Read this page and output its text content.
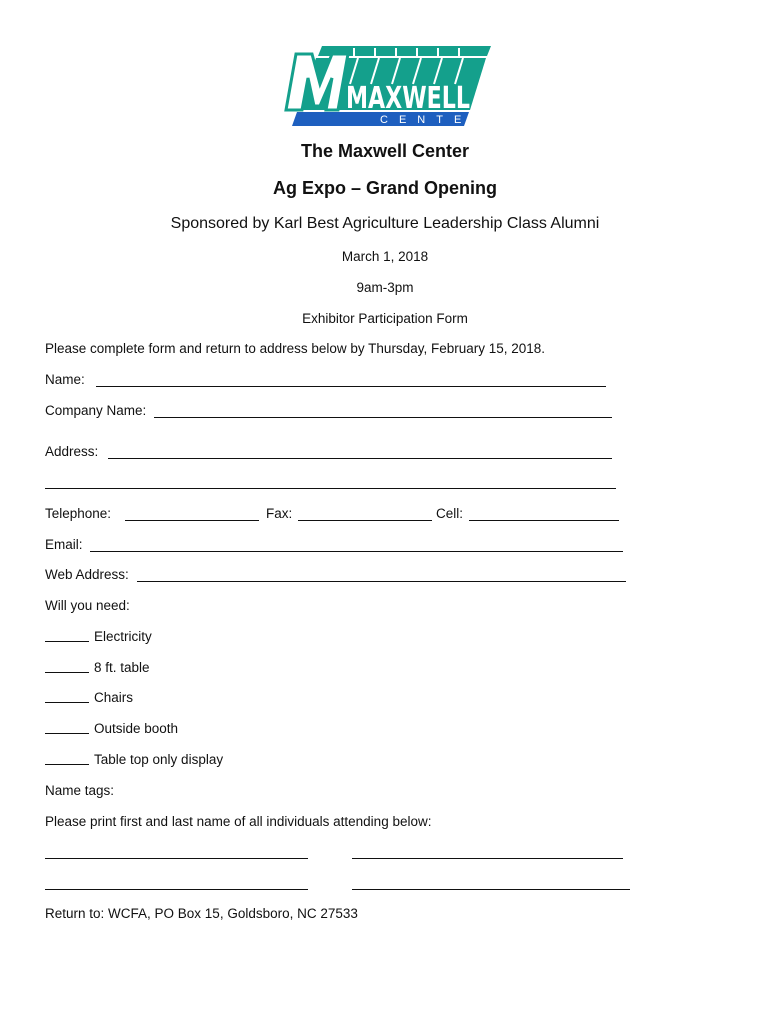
MAXWELL
CENTER
The Maxwell Center
Ag Expo – Grand Opening
Sponsored by Karl Best Agriculture Leadership Class Alumni
March 1, 2018
9am-3pm
Exhibitor Participation Form
Please complete form and return to address below by Thursday, February 15, 2018.
Name:
Company Name:
Address:
Telephone:	Fax:	Cell:
Email:
Web Address:
Will you need:
Electricity
8 ft. table
Chairs
Outside booth
Table top only display
Name tags:
Please print first and last name of all individuals attending below:
Return to: WCFA, PO Box 15, Goldsboro, NC 27533
